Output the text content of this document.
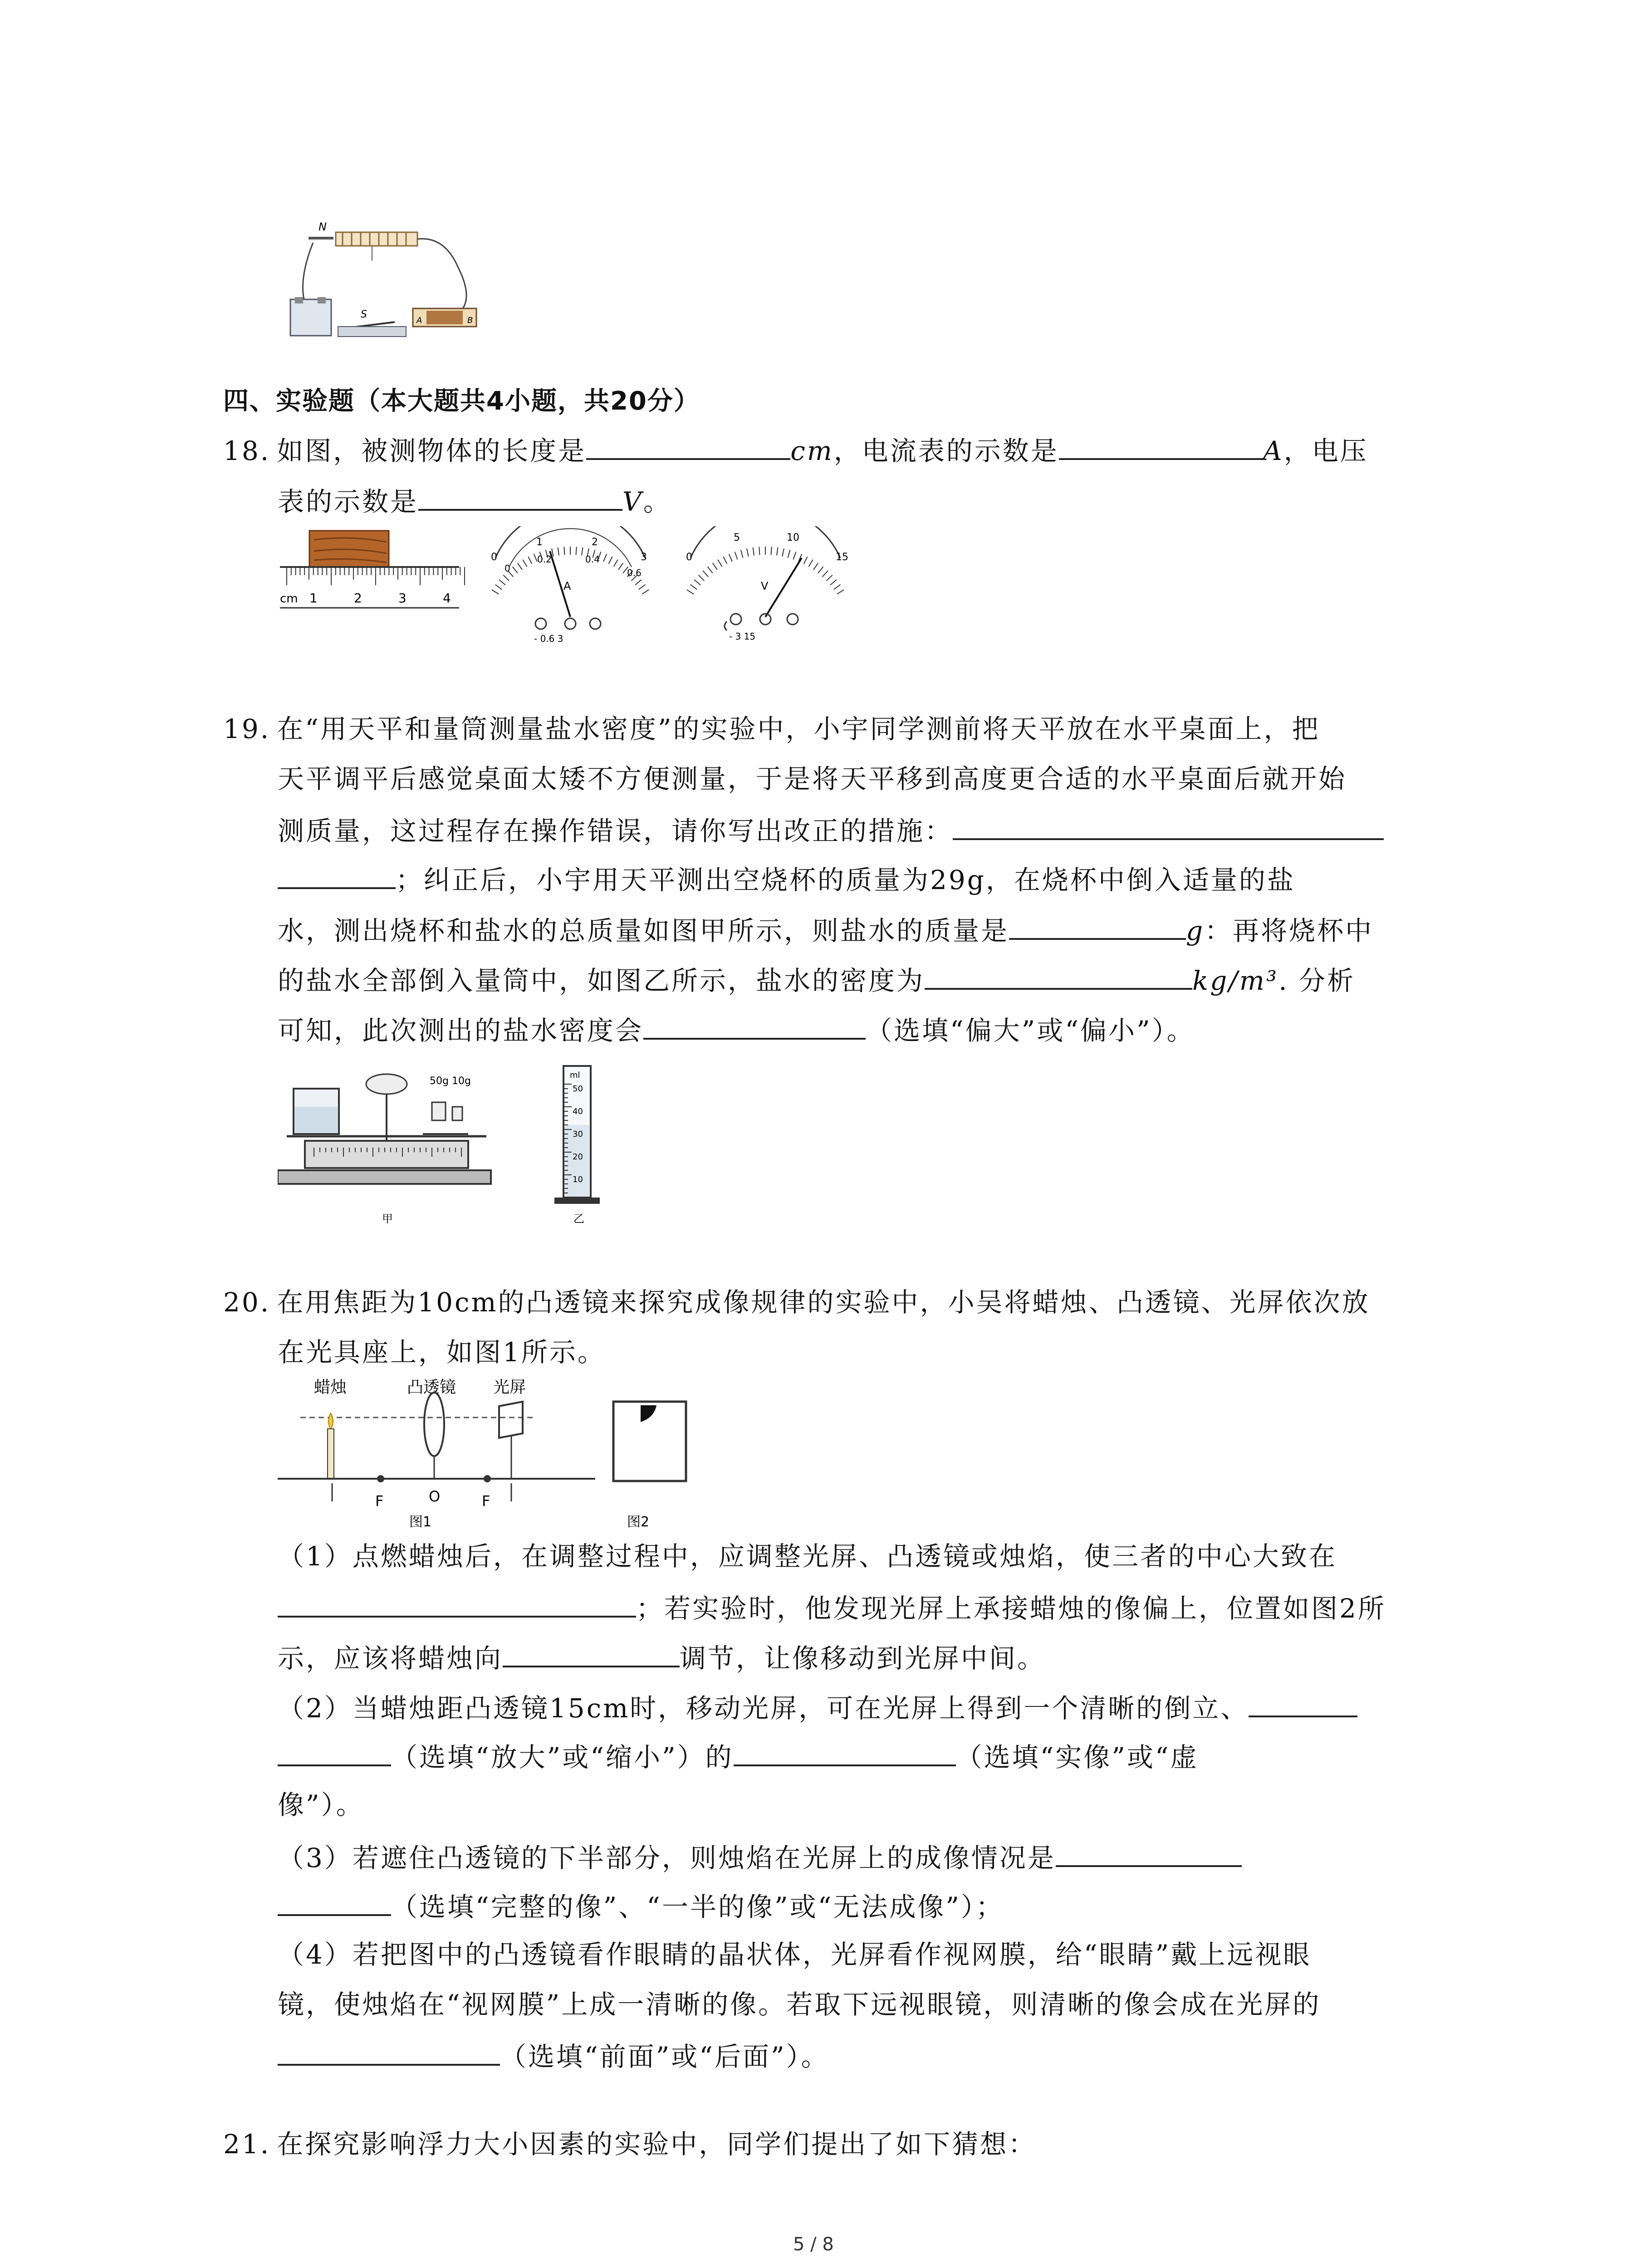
N
S
A	B
四、实验题（本大题共4小题，共20分）
18. 如图，被测物体的长度是	cm，电流表的示数是	A，电压
表的示数是	V。
cm 1	2	3	4
0
1	2
3
0
0.2	0.4
0.6
A
- 0.6 3
0
5	10
15
V
- 3 15
19. 在“用天平和量筒测量盐水密度”的实验中，小宇同学测前将天平放在水平桌面上，把
天平调平后感觉桌面太矮不方便测量，于是将天平移到高度更合适的水平桌面后就开始
测质量，这过程存在操作错误，请你写出改正的措施：
；纠正后，小宇用天平测出空烧杯的质量为29g，在烧杯中倒入适量的盐
水，测出烧杯和盐水的总质量如图甲所示，则盐水的质量是	g：再将烧杯中
的盐水全部倒入量筒中，如图乙所示，盐水的密度为	kg/m³. 分析
可知，此次测出的盐水密度会	（选填“偏大”或“偏小”）。
50g 10g
甲
ml
50
40
30
20
10
乙
20. 在用焦距为10cm的凸透镜来探究成像规律的实验中，小吴将蜡烛、凸透镜、光屏依次放
在光具座上，如图1所示。
蜡烛	凸透镜 光屏
F	O	F
图1	图2
（1）点燃蜡烛后，在调整过程中，应调整光屏、凸透镜或烛焰，使三者的中心大致在
；若实验时，他发现光屏上承接蜡烛的像偏上，位置如图2所
示，应该将蜡烛向	调节，让像移动到光屏中间。
（2）当蜡烛距凸透镜15cm时，移动光屏，可在光屏上得到一个清晰的倒立、
（选填“放大”或“缩小”）的	（选填“实像”或“虚
像”）。
（3）若遮住凸透镜的下半部分，则烛焰在光屏上的成像情况是
（选填“完整的像”、“一半的像”或“无法成像”）；
（4）若把图中的凸透镜看作眼睛的晶状体，光屏看作视网膜，给“眼睛”戴上远视眼
镜，使烛焰在“视网膜”上成一清晰的像。若取下远视眼镜，则清晰的像会成在光屏的
（选填“前面”或“后面”）。
21. 在探究影响浮力大小因素的实验中，同学们提出了如下猜想：
5 / 8
